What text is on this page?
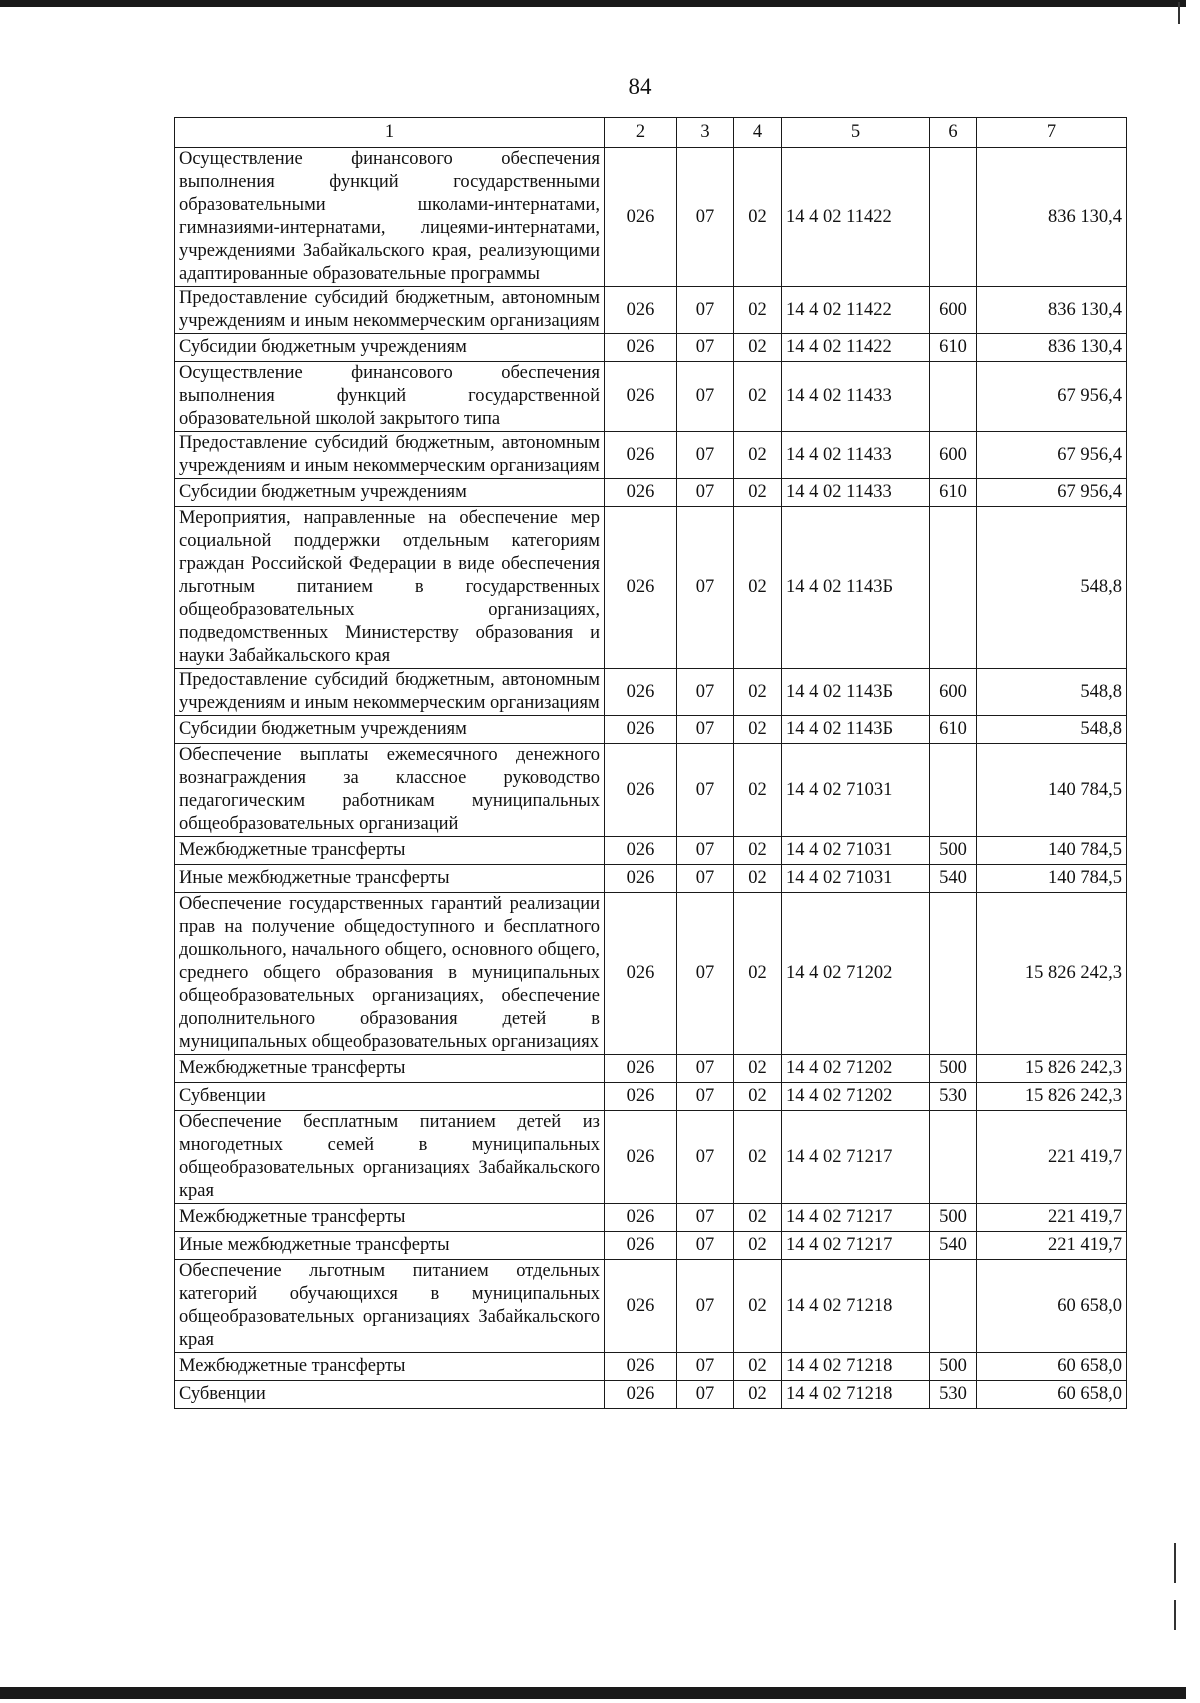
84
1	2	3	4	5	6	7
Осуществление финансового обеспечения выполнения функций государственными образовательными школами-интернатами, гимназиями-интернатами, лицеями-интернатами, учреждениями Забайкальского края, реализующими адаптированные образовательные программы	026	07	02	14 4 02 11422		836 130,4
Предоставление субсидий бюджетным, автономным учреждениям и иным некоммерческим организациям	026	07	02	14 4 02 11422	600	836 130,4
Субсидии бюджетным учреждениям	026	07	02	14 4 02 11422	610	836 130,4
Осуществление финансового обеспечения выполнения функций государственной образовательной школой закрытого типа	026	07	02	14 4 02 11433		67 956,4
Предоставление субсидий бюджетным, автономным учреждениям и иным некоммерческим организациям	026	07	02	14 4 02 11433	600	67 956,4
Субсидии бюджетным учреждениям	026	07	02	14 4 02 11433	610	67 956,4
Мероприятия, направленные на обеспечение мер социальной поддержки отдельным категориям граждан Российской Федерации в виде обеспечения льготным питанием в государственных общеобразовательных организациях, подведомственных Министерству образования и науки Забайкальского края	026	07	02	14 4 02 1143Б		548,8
Предоставление субсидий бюджетным, автономным учреждениям и иным некоммерческим организациям	026	07	02	14 4 02 1143Б	600	548,8
Субсидии бюджетным учреждениям	026	07	02	14 4 02 1143Б	610	548,8
Обеспечение выплаты ежемесячного денежного вознаграждения за классное руководство педагогическим работникам муниципальных общеобразовательных организаций	026	07	02	14 4 02 71031		140 784,5
Межбюджетные трансферты	026	07	02	14 4 02 71031	500	140 784,5
Иные межбюджетные трансферты	026	07	02	14 4 02 71031	540	140 784,5
Обеспечение государственных гарантий реализации прав на получение общедоступного и бесплатного дошкольного, начального общего, основного общего, среднего общего образования в муниципальных общеобразовательных организациях, обеспечение дополнительного образования детей в муниципальных общеобразовательных организациях	026	07	02	14 4 02 71202		15 826 242,3
Межбюджетные трансферты	026	07	02	14 4 02 71202	500	15 826 242,3
Субвенции	026	07	02	14 4 02 71202	530	15 826 242,3
Обеспечение бесплатным питанием детей из многодетных семей в муниципальных общеобразовательных организациях Забайкальского края	026	07	02	14 4 02 71217		221 419,7
Межбюджетные трансферты	026	07	02	14 4 02 71217	500	221 419,7
Иные межбюджетные трансферты	026	07	02	14 4 02 71217	540	221 419,7
Обеспечение льготным питанием отдельных категорий обучающихся в муниципальных общеобразовательных организациях Забайкальского края	026	07	02	14 4 02 71218		60 658,0
Межбюджетные трансферты	026	07	02	14 4 02 71218	500	60 658,0
Субвенции	026	07	02	14 4 02 71218	530	60 658,0
